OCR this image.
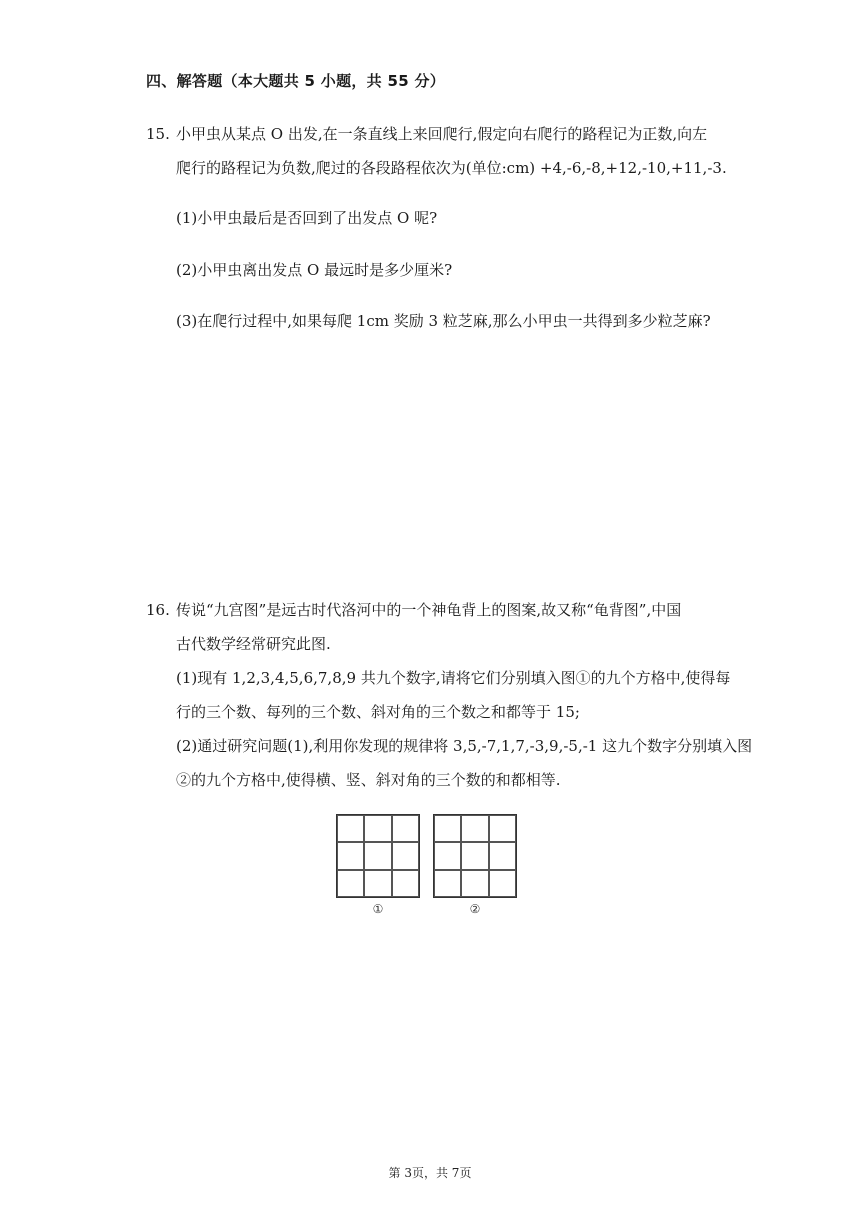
四、解答题（本大题共 5 小题，共 55 分）
15. 小甲虫从某点 O 出发,在一条直线上来回爬行,假定向右爬行的路程记为正数,向左
爬行的路程记为负数,爬过的各段路程依次为(单位:cm) +4,-6,-8,+12,-10,+11,-3.
(1)小甲虫最后是否回到了出发点 O 呢?
(2)小甲虫离出发点 O 最远时是多少厘米?
(3)在爬行过程中,如果每爬 1cm 奖励 3 粒芝麻,那么小甲虫一共得到多少粒芝麻?
16. 传说“九宫图”是远古时代洛河中的一个神龟背上的图案,故又称“龟背图”,中国
古代数学经常研究此图.
(1)现有 1,2,3,4,5,6,7,8,9 共九个数字,请将它们分别填入图①的九个方格中,使得每
行的三个数、每列的三个数、斜对角的三个数之和都等于 15;
(2)通过研究问题(1),利用你发现的规律将 3,5,-7,1,7,-3,9,-5,-1 这九个数字分别填入图
②的九个方格中,使得横、竖、斜对角的三个数的和都相等.
①	②
第 3页，共 7页
